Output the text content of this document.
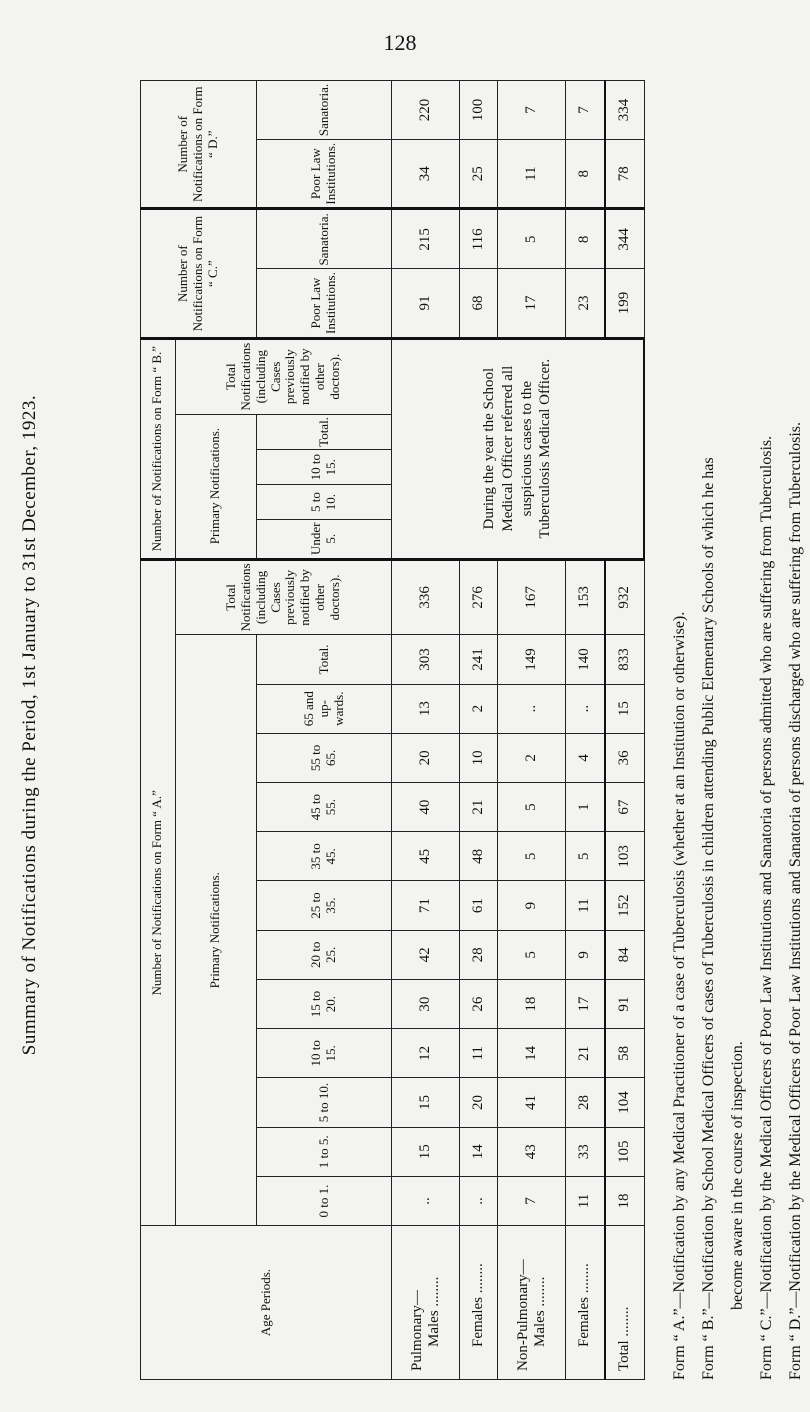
128
Summary of Notifications during the Period, 1st January to 31st December, 1923.
Age Periods.	Number of Notifications on Form “ A.”													Number of Notifications on Form “ B.”					Number of Notifications on Form “ C.”		Number of Notifications on Form “ D.”	
	Primary Notifications.												Total Notifications (including Cases previously notified by other doctors).	Primary Notifications.				Total Notifications (including Cases previously notified by other doctors).				
	0 to 1.	1 to 5.	5 to 10.	10 to 15.	15 to 20.	20 to 25.	25 to 35.	35 to 45.	45 to 55.	55 to 65.	65 and up-wards.	Total.		Under 5.	5 to 10.	10 to 15.	Total.		Poor Law Institutions.	Sanatoria.	Poor Law Institutions.	Sanatoria.

Pulmonary— Males ........	..	15	15	12	30	42	71	45	40	20	13	303	336	During the year the School Medical Officer referred all suspicious cases to the Tuberculosis Medical Officer.					91	215	34	220

Females ........	..	14	20	11	26	28	61	48	21	10	2	241	276						68	116	25	100

Non-Pulmonary— Males ........	7	43	41	14	18	5	9	5	5	2	..	149	167						17	5	11	7

Females ........	11	33	28	21	17	9	11	5	1	4	..	140	153						23	8	8	7
Total ........	18	105	104	58	91	84	152	103	67	36	15	833	932						199	344	78	334
Form “ A.”—Notification by any Medical Practitioner of a case of Tuberculosis (whether at an Institution or otherwise). Form “ B.”—Notification by School Medical Officers of cases of Tuberculosis in children attending Public Elementary Schools of which he has become aware in the course of inspection. Form “ C.”—Notification by the Medical Officers of Poor Law Institutions and Sanatoria of persons admitted who are suffering from Tuberculosis. Form “ D.”—Notification by the Medical Officers of Poor Law Institutions and Sanatoria of persons discharged who are suffering from Tuberculosis.
